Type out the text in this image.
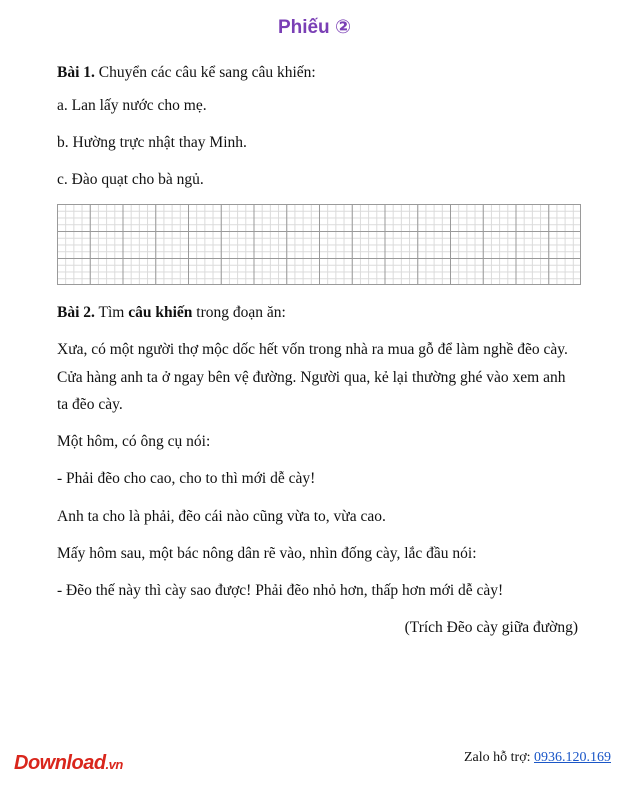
Phiếu ②
Bài 1. Chuyển các câu kể sang câu khiến:
a. Lan lấy nước cho mẹ.
b. Hường trực nhật thay Minh.
c. Đào quạt cho bà ngủ.
Bài 2. Tìm câu khiến trong đoạn ăn:
Xưa, có một người thợ mộc dốc hết vốn trong nhà ra mua gỗ để làm nghề đẽo cày.
Cửa hàng anh ta ở ngay bên vệ đường. Người qua, kẻ lại thường ghé vào xem anh
ta đẽo cày.
Một hôm, có ông cụ nói:
- Phải đẽo cho cao, cho to thì mới dễ cày!
Anh ta cho là phải, đẽo cái nào cũng vừa to, vừa cao.
Mấy hôm sau, một bác nông dân rẽ vào, nhìn đống cày, lắc đầu nói:
- Đẽo thế này thì cày sao được! Phải đẽo nhỏ hơn, thấp hơn mới dễ cày!
(Trích Đẽo cày giữa đường)
Download.vn	Zalo hỗ trợ: 0936.120.169
